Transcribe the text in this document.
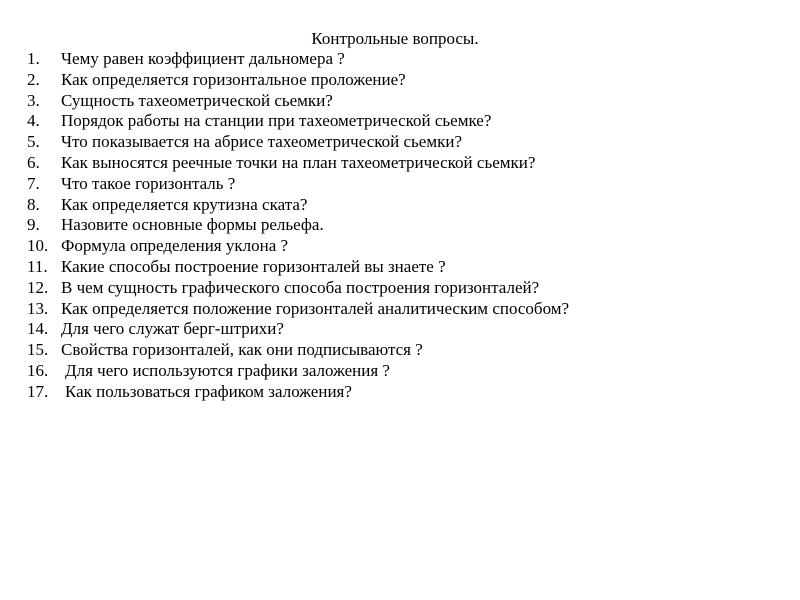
Контрольные вопросы.
1. Чему равен коэффициент дальномера ?
2. Как определяется горизонтальное проложение?
3. Сущность тахеометрической сьемки?
4. Порядок работы на станции при тахеометрической сьемке?
5. Что показывается на абрисе тахеометрической сьемки?
6. Как выносятся реечные точки на план тахеометрической сьемки?
7. Что такое горизонталь ?
8. Как определяется крутизна ската?
9. Назовите основные формы рельефа.
10. Формула определения уклона ?
11. Какие способы построение горизонталей вы знаете ?
12. В чем сущность графического способа построения горизонталей?
13. Как определяется положение горизонталей аналитическим способом?
14. Для чего служат берг-штрихи?
15. Свойства горизонталей, как они подписываются ?
16. Для чего используются графики заложения ?
17. Как пользоваться графиком заложения?
